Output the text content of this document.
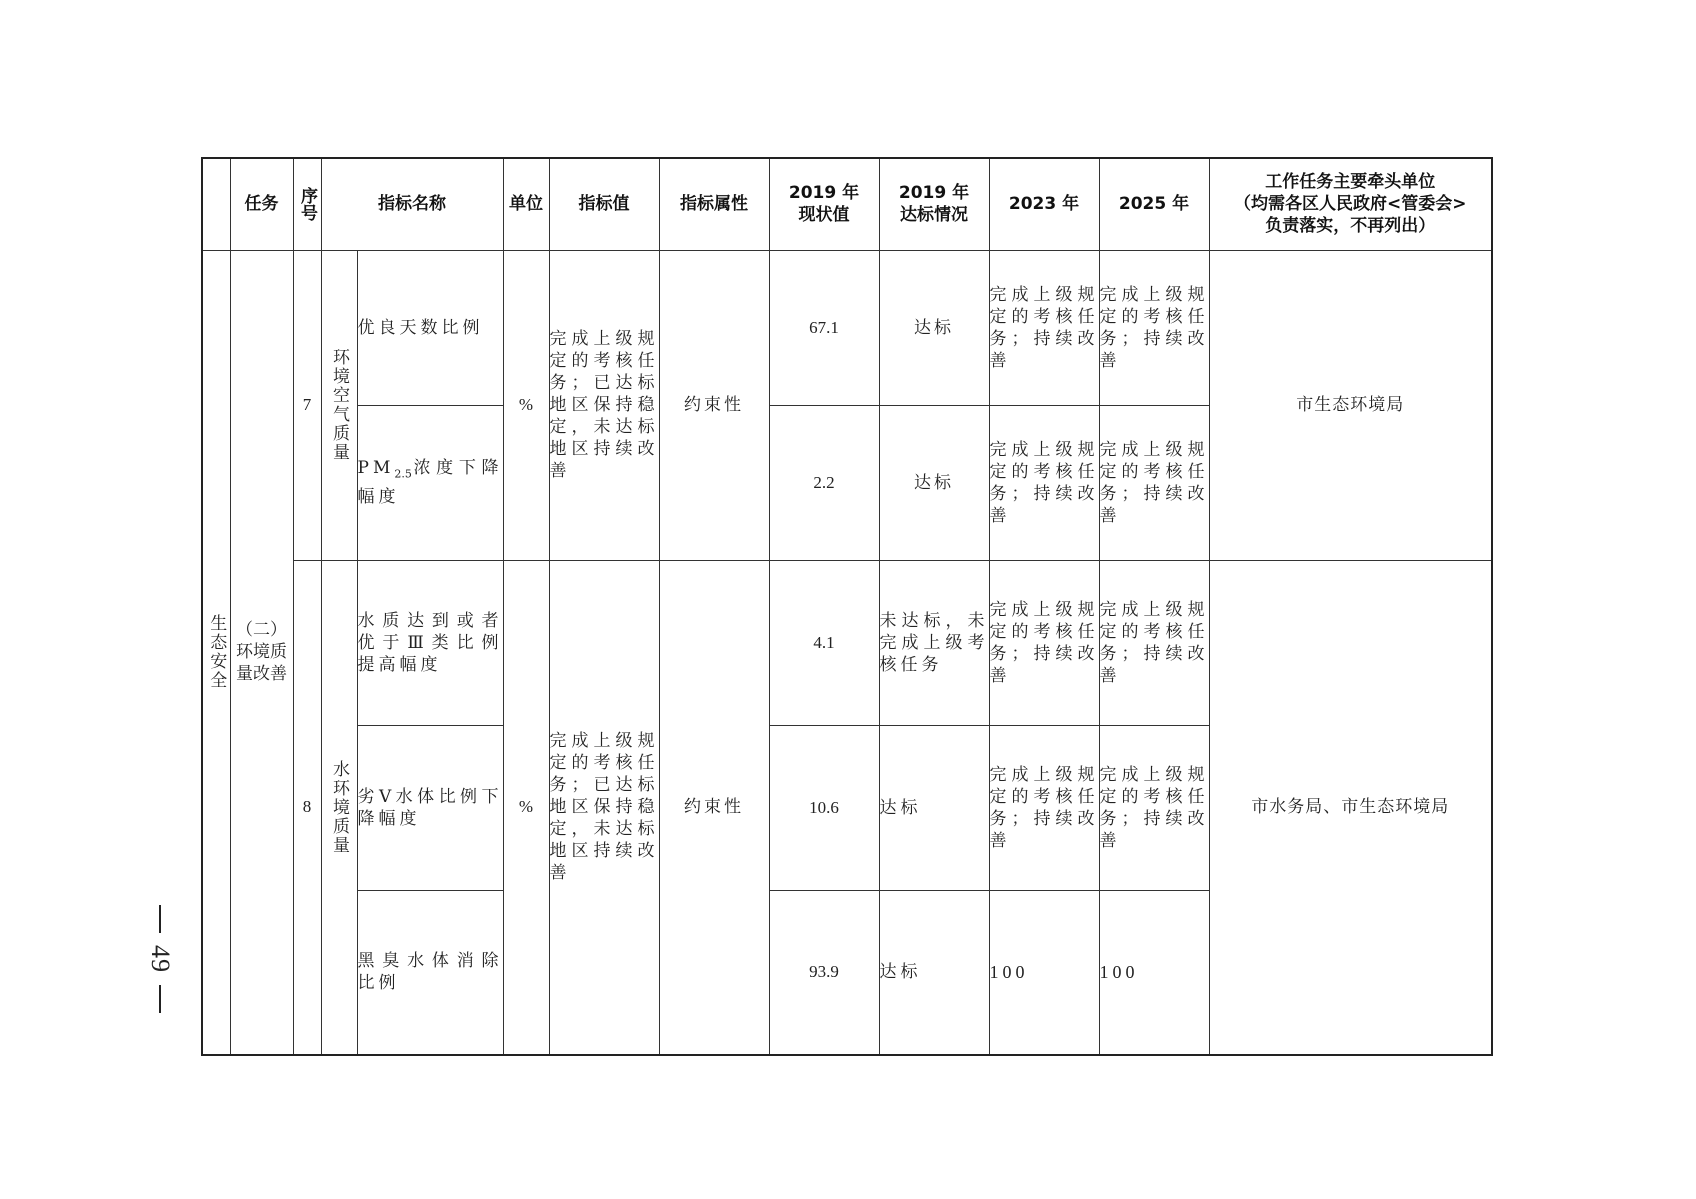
49
	任务	序号	指标名称		单位	指标值	指标属性	2019 年
现状值	2019 年
达标情况	2023 年	2025 年	工作任务主要牵头单位
（均需各区人民政府<管委会>
负责落实，不再列出）

生态安全	（二）环境质量改善	7	环境空气质量	优良天数比例	%	完成上级规定的考核任务；已达标地区保持稳定，未达标地区持续改善	约束性	67.1	达标	完成上级规定的考核任务；持续改善	完成上级规定的考核任务；持续改善	市生态环境局
				$PM_{2.5}$浓度下降幅度				2.2	达标	完成上级规定的考核任务；持续改善	完成上级规定的考核任务；持续改善	
		8	水环境质量	水质达到或者优于Ⅲ类比例提高幅度	%	完成上级规定的考核任务；已达标地区保持稳定，未达标地区持续改善	约束性	4.1	未达标，未完成上级考核任务	完成上级规定的考核任务；持续改善	完成上级规定的考核任务；持续改善	市水务局、市生态环境局
				劣Ⅴ水体比例下降幅度				10.6	达标	完成上级规定的考核任务；持续改善	完成上级规定的考核任务；持续改善	
				黑臭水体消除比例				93.9	达标	100	100	
